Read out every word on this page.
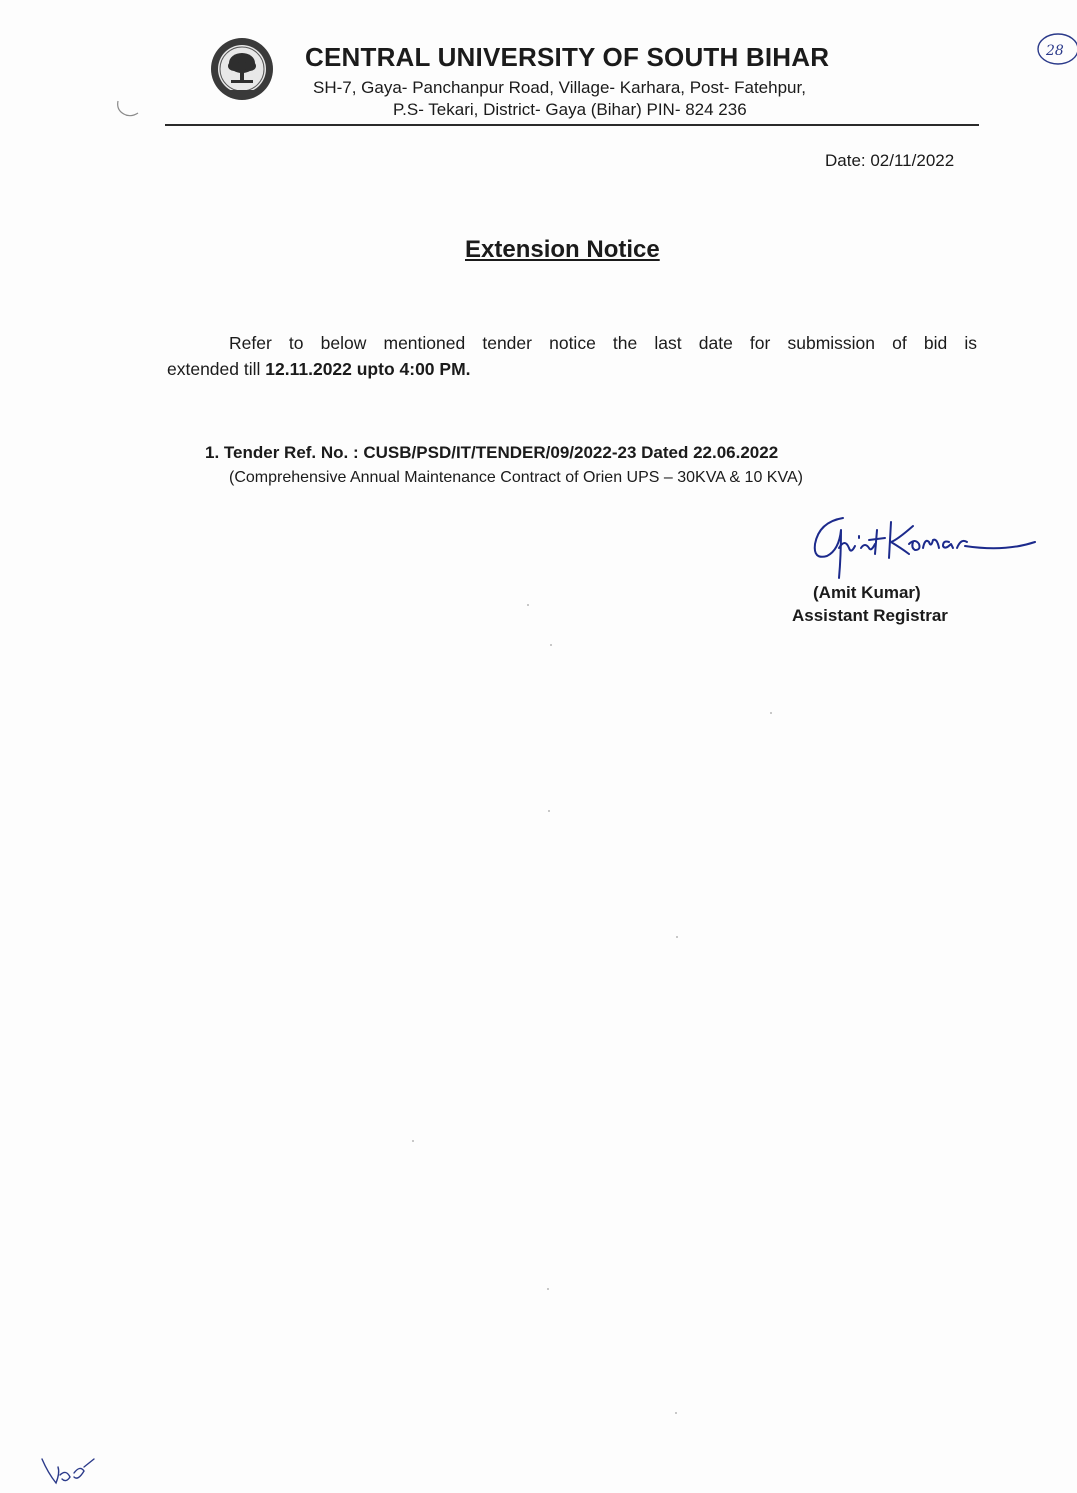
CENTRAL UNIVERSITY OF SOUTH BIHAR
SH-7, Gaya- Panchanpur Road, Village- Karhara, Post- Fatehpur,
P.S- Tekari, District- Gaya (Bihar) PIN- 824 236
28
Date: 02/11/2022
Extension Notice
Refer to below mentioned tender notice the last date for submission of bid is
extended till 12.11.2022 upto 4:00 PM.
1. Tender Ref. No. : CUSB/PSD/IT/TENDER/09/2022-23 Dated 22.06.2022
(Comprehensive Annual Maintenance Contract of Orien UPS – 30KVA & 10 KVA)
Amit Kumar
(Amit Kumar)
Assistant Registrar
